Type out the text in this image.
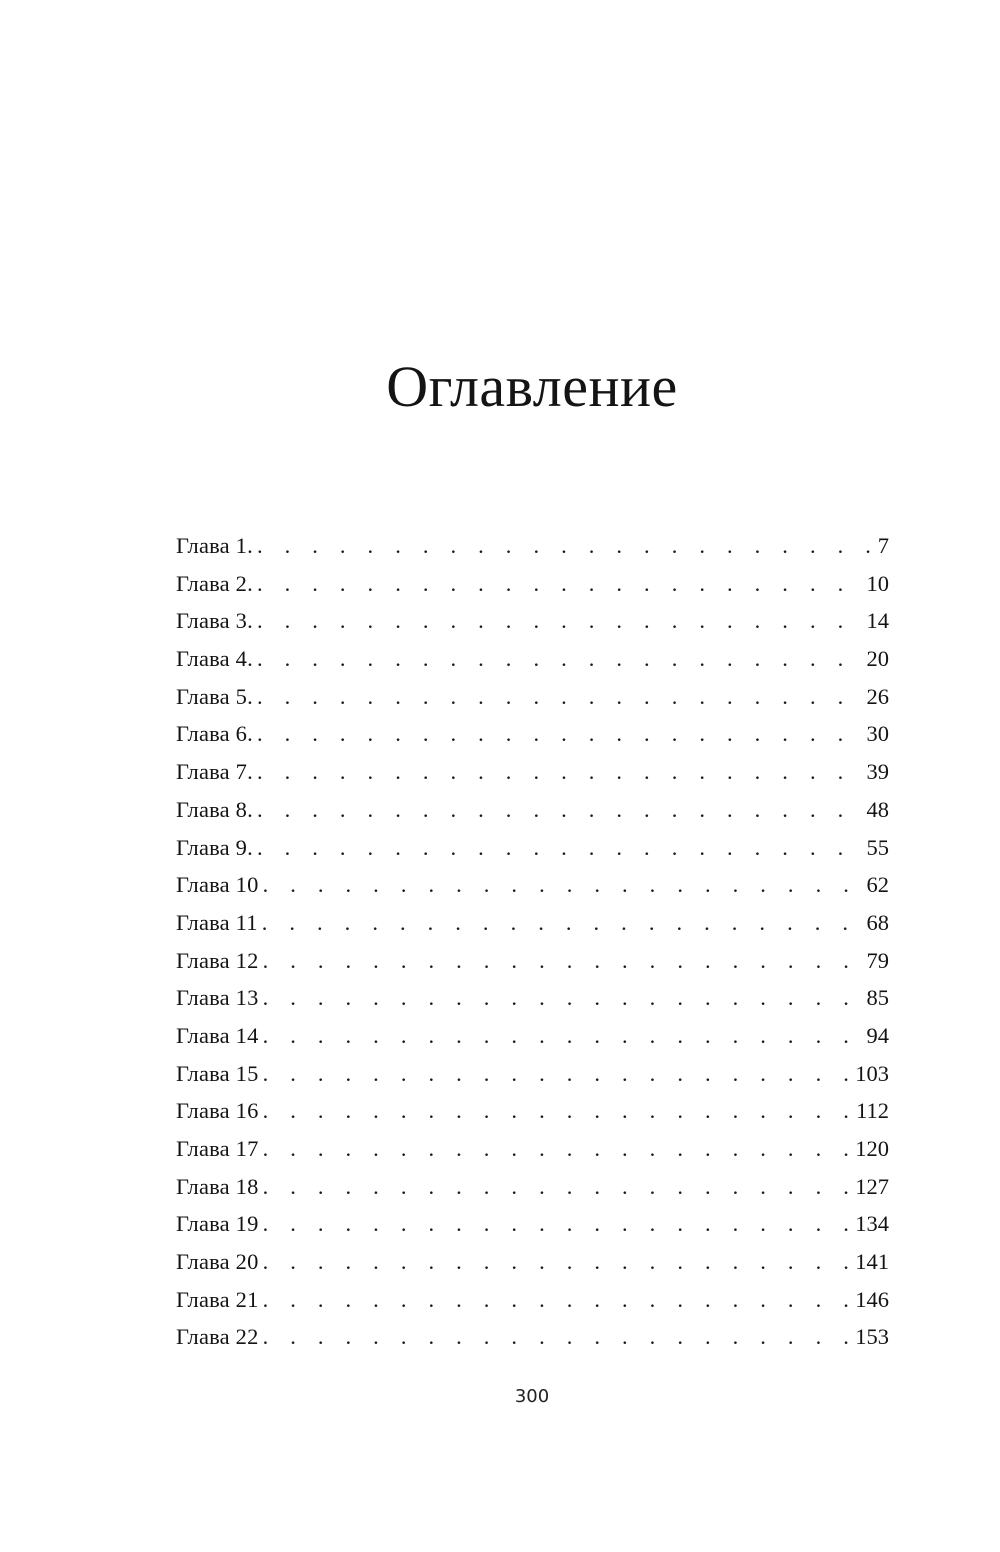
Оглавление
Глава 1. . . .	7
Глава 2. . . .	10
Глава 3. . . .	14
Глава 4. . . .	20
Глава 5. . . .	26
Глава 6. . . .	30
Глава 7. . . .	39
Глава 8. . . .	48
Глава 9. . . .	55
Глава 10 . . .	62
Глава 11 . . .	68
Глава 12 . . .	79
Глава 13 . . .	85
Глава 14 . . .	94
Глава 15 . . .	103
Глава 16 . . .	112
Глава 17 . . .	120
Глава 18 . . .	127
Глава 19 . . .	134
Глава 20 . . .	141
Глава 21 . . .	146
Глава 22 . . .	153
300
